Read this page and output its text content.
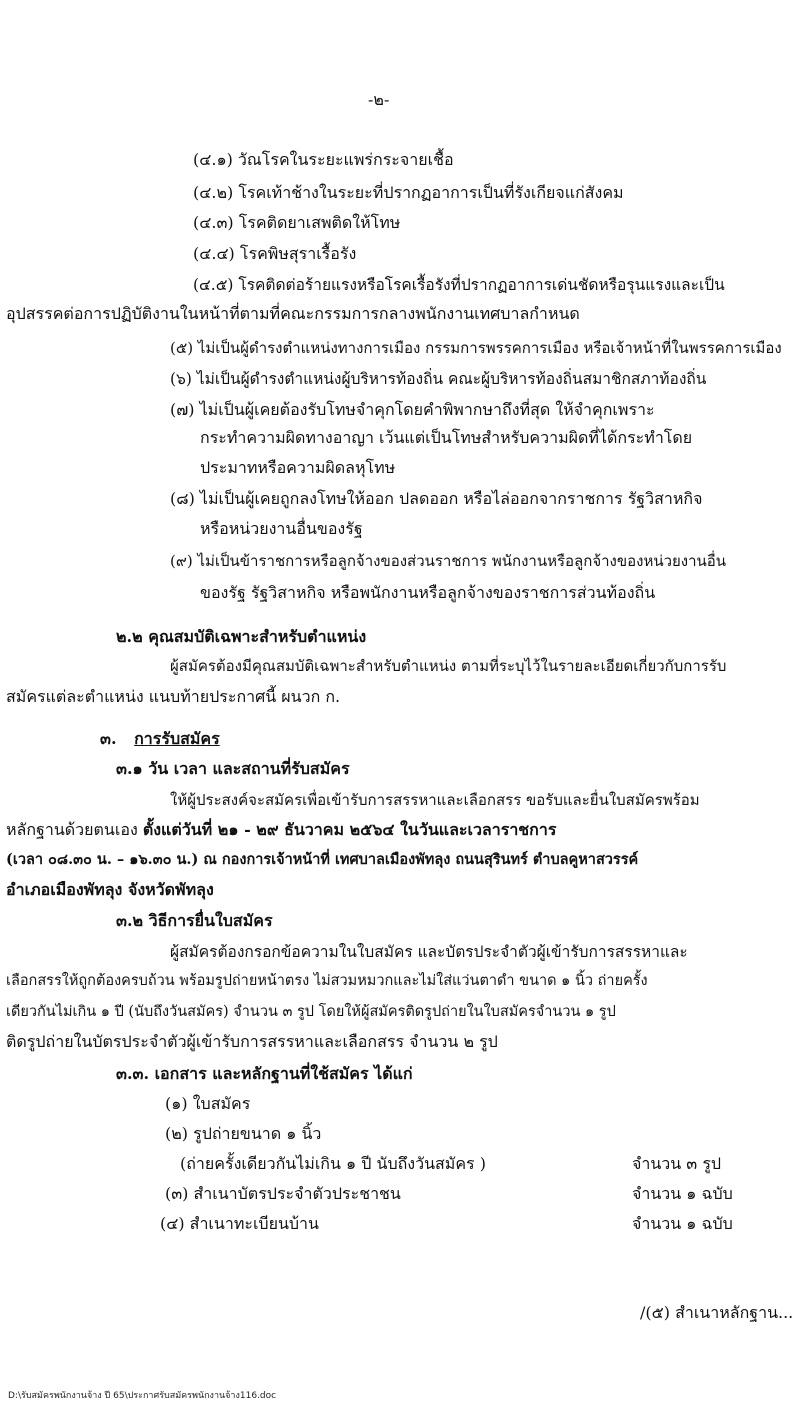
-๒-
(๔.๑) วัณโรคในระยะแพร่กระจายเชื้อ
(๔.๒) โรคเท้าช้างในระยะที่ปรากฏอาการเป็นที่รังเกียจแก่สังคม
(๔.๓) โรคติดยาเสพติดให้โทษ
(๔.๔) โรคพิษสุราเรื้อรัง
(๔.๕) โรคติดต่อร้ายแรงหรือโรคเรื้อรังที่ปรากฏอาการเด่นชัดหรือรุนแรงและเป็น
อุปสรรคต่อการปฏิบัติงานในหน้าที่ตามที่คณะกรรมการกลางพนักงานเทศบาลกำหนด
(๕) ไม่เป็นผู้ดำรงตำแหน่งทางการเมือง กรรมการพรรคการเมือง หรือเจ้าหน้าที่ในพรรคการเมือง
(๖) ไม่เป็นผู้ดำรงตำแหน่งผู้บริหารท้องถิ่น คณะผู้บริหารท้องถิ่นสมาชิกสภาท้องถิ่น
(๗) ไม่เป็นผู้เคยต้องรับโทษจำคุกโดยคำพิพากษาถึงที่สุด ให้จำคุกเพราะ
กระทำความผิดทางอาญา เว้นแต่เป็นโทษสำหรับความผิดที่ได้กระทำโดย
ประมาทหรือความผิดลหุโทษ
(๘) ไม่เป็นผู้เคยถูกลงโทษให้ออก ปลดออก หรือไล่ออกจากราชการ รัฐวิสาหกิจ
หรือหน่วยงานอื่นของรัฐ
(๙) ไม่เป็นข้าราชการหรือลูกจ้างของส่วนราชการ พนักงานหรือลูกจ้างของหน่วยงานอื่น
ของรัฐ รัฐวิสาหกิจ หรือพนักงานหรือลูกจ้างของราชการส่วนท้องถิ่น
๒.๒ คุณสมบัติเฉพาะสำหรับตำแหน่ง
ผู้สมัครต้องมีคุณสมบัติเฉพาะสำหรับตำแหน่ง ตามที่ระบุไว้ในรายละเอียดเกี่ยวกับการรับ
สมัครแต่ละตำแหน่ง แนบท้ายประกาศนี้ ผนวก ก.
๓. การรับสมัคร
๓.๑ วัน เวลา และสถานที่รับสมัคร
ให้ผู้ประสงค์จะสมัครเพื่อเข้ารับการสรรหาและเลือกสรร ขอรับและยื่นใบสมัครพร้อม
หลักฐานด้วยตนเอง ตั้งแต่วันที่ ๒๑ - ๒๙ ธันวาคม ๒๕๖๔ ในวันและเวลาราชการ
(เวลา ๐๘.๓๐ น. – ๑๖.๓๐ น.) ณ กองการเจ้าหน้าที่ เทศบาลเมืองพัทลุง ถนนสุรินทร์ ตำบลคูหาสวรรค์
อำเภอเมืองพัทลุง จังหวัดพัทลุง
๓.๒ วิธีการยื่นใบสมัคร
ผู้สมัครต้องกรอกข้อความในใบสมัคร และบัตรประจำตัวผู้เข้ารับการสรรหาและ
เลือกสรรให้ถูกต้องครบถ้วน พร้อมรูปถ่ายหน้าตรง ไม่สวมหมวกและไม่ใส่แว่นตาดำ ขนาด ๑ นิ้ว ถ่ายครั้ง
เดียวกันไม่เกิน ๑ ปี (นับถึงวันสมัคร) จำนวน ๓ รูป โดยให้ผู้สมัครติดรูปถ่ายในใบสมัครจำนวน ๑ รูป
ติดรูปถ่ายในบัตรประจำตัวผู้เข้ารับการสรรหาและเลือกสรร จำนวน ๒ รูป
๓.๓. เอกสาร และหลักฐานที่ใช้สมัคร ได้แก่
(๑) ใบสมัคร
(๒) รูปถ่ายขนาด ๑ นิ้ว
(ถ่ายครั้งเดียวกันไม่เกิน ๑ ปี นับถึงวันสมัคร )	จำนวน ๓ รูป
(๓) สำเนาบัตรประจำตัวประชาชน	จำนวน ๑ ฉบับ
(๔) สำเนาทะเบียนบ้าน	จำนวน ๑ ฉบับ
/(๕) สำเนาหลักฐาน...
D:\รับสมัครพนักงานจ้าง ปี 65\ประกาศรับสมัครพนักงานจ้าง116.doc
